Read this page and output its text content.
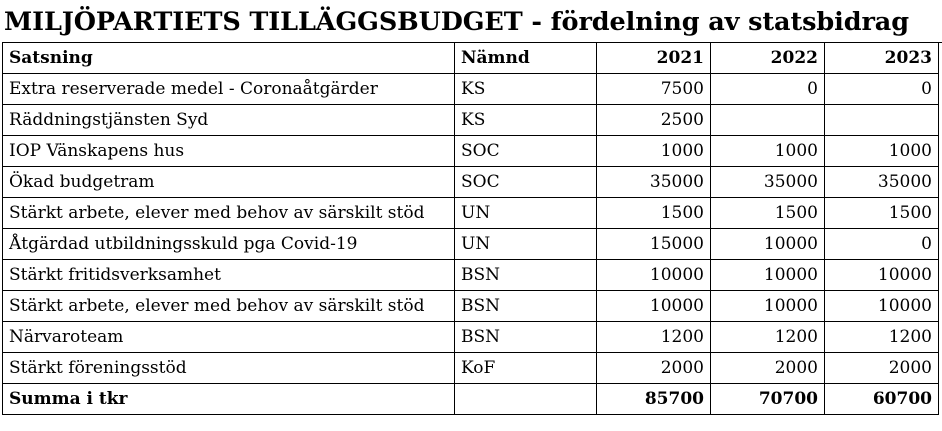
MILJÖPARTIETS TILLÄGGSBUDGET - fördelning av statsbidrag
Satsning	Nämnd	2021	2022	2023
Extra reserverade medel - Coronaåtgärder	KS	7500	0	0
Räddningstjänsten Syd	KS	2500		
IOP Vänskapens hus	SOC	1000	1000	1000
Ökad budgetram	SOC	35000	35000	35000
Stärkt arbete, elever med behov av särskilt stöd	UN	1500	1500	1500
Åtgärdad utbildningsskuld pga Covid-19	UN	15000	10000	0
Stärkt fritidsverksamhet	BSN	10000	10000	10000
Stärkt arbete, elever med behov av särskilt stöd	BSN	10000	10000	10000
Närvaroteam	BSN	1200	1200	1200
Stärkt föreningsstöd	KoF	2000	2000	2000
Summa i tkr		85700	70700	60700
